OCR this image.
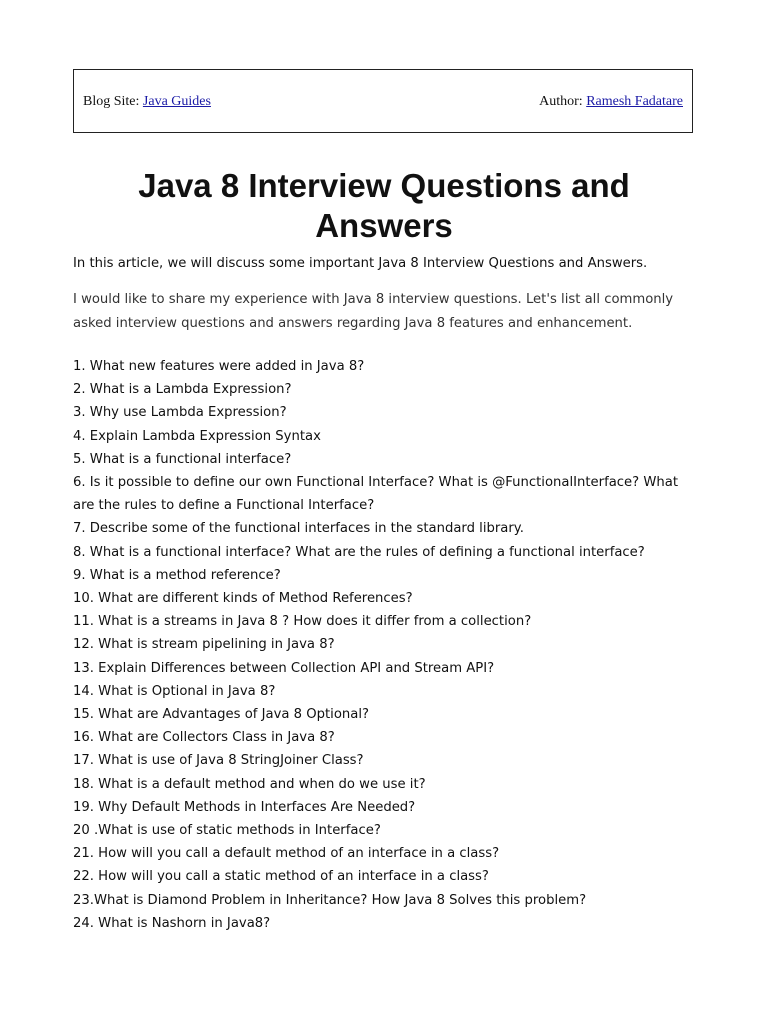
Blog Site: Java Guides	Author: Ramesh Fadatare
Java 8 Interview Questions and Answers

In this article, we will discuss some important Java 8 Interview Questions and Answers.

I would like to share my experience with Java 8 interview questions. Let's list all commonly asked interview questions and answers regarding Java 8 features and enhancement.

1. What new features were added in Java 8?
2. What is a Lambda Expression?
3. Why use Lambda Expression?
4. Explain Lambda Expression Syntax
5. What is a functional interface?
6. Is it possible to define our own Functional Interface? What is @FunctionalInterface? What are the rules to define a Functional Interface?
7. Describe some of the functional interfaces in the standard library.
8. What is a functional interface? What are the rules of defining a functional interface?
9. What is a method reference?
10. What are different kinds of Method References?
11. What is a streams in Java 8 ? How does it differ from a collection?
12. What is stream pipelining in Java 8?
13. Explain Differences between Collection API and Stream API?
14. What is Optional in Java 8?
15. What are Advantages of Java 8 Optional?
16. What are Collectors Class in Java 8?
17. What is use of Java 8 StringJoiner Class?
18. What is a default method and when do we use it?
19. Why Default Methods in Interfaces Are Needed?
20 .What is use of static methods in Interface?
21. How will you call a default method of an interface in a class?
22. How will you call a static method of an interface in a class?
23.What is Diamond Problem in Inheritance? How Java 8 Solves this problem?
24. What is Nashorn in Java8?
